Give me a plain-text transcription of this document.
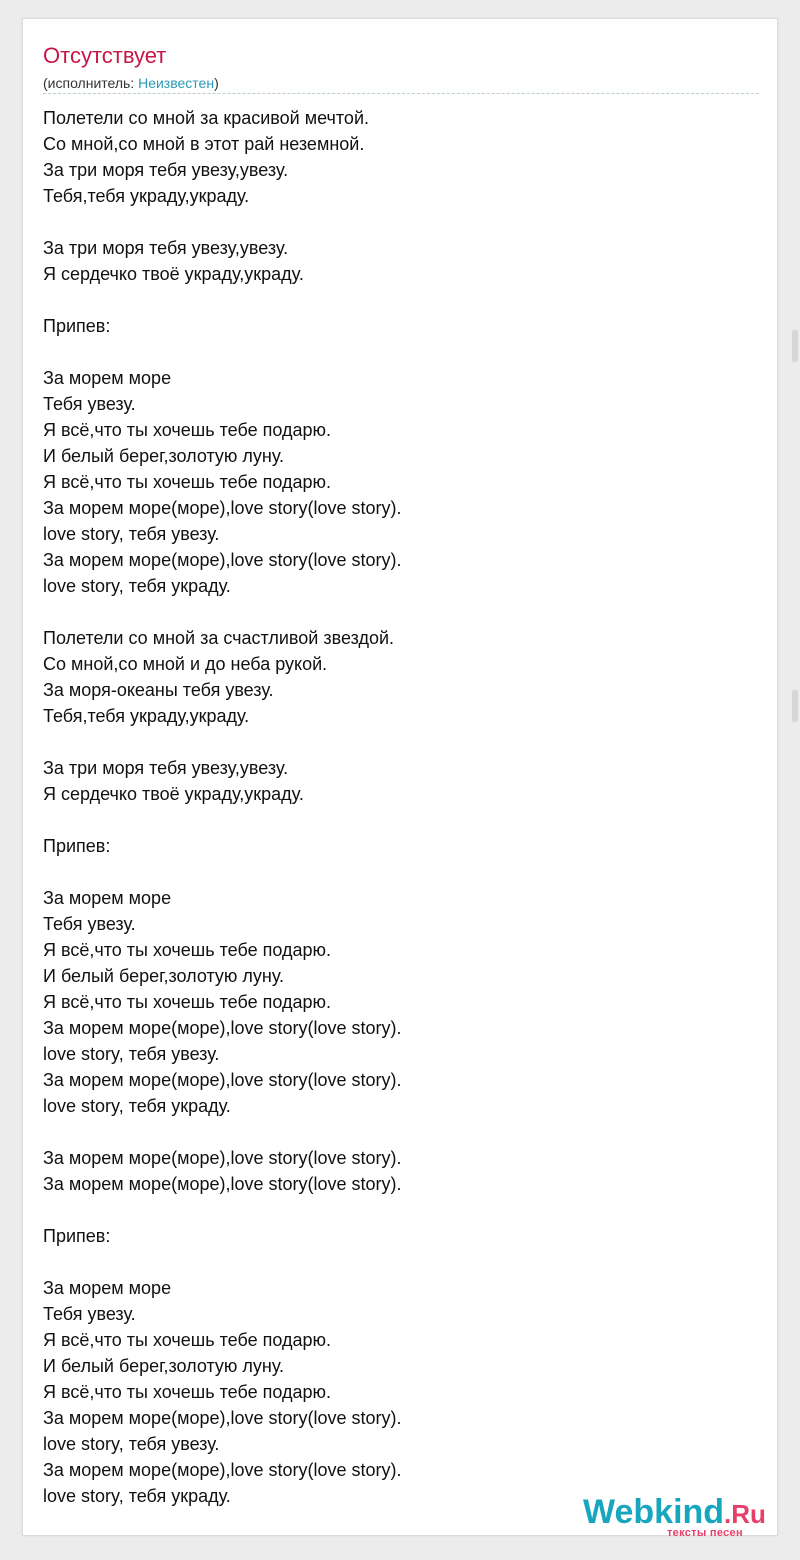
Отсутствует
(исполнитель: Неизвестен)
Полетели со мной за красивой мечтой.
Со мной,со мной в этот рай неземной.
За три моря тебя увезу,увезу.
Тебя,тебя украду,украду.

За три моря тебя увезу,увезу.
Я сердечко твоё украду,украду.

Припев:

За морем море
Тебя увезу.
Я всё,что ты хочешь тебе подарю.
И белый берег,золотую луну.
Я всё,что ты хочешь тебе подарю.
За морем море(море),love story(love story).
love story, тебя увезу.
За морем море(море),love story(love story).
love story, тебя украду.

Полетели со мной за счастливой звездой.
Со мной,со мной и до неба рукой.
За моря-океаны тебя увезу.
Тебя,тебя украду,украду.

За три моря тебя увезу,увезу.
Я сердечко твоё украду,украду.

Припев:

За морем море
Тебя увезу.
Я всё,что ты хочешь тебе подарю.
И белый берег,золотую луну.
Я всё,что ты хочешь тебе подарю.
За морем море(море),love story(love story).
love story, тебя увезу.
За морем море(море),love story(love story).
love story, тебя украду.

За морем море(море),love story(love story).
За морем море(море),love story(love story).

Припев:

За морем море
Тебя увезу.
Я всё,что ты хочешь тебе подарю.
И белый берег,золотую луну.
Я всё,что ты хочешь тебе подарю.
За морем море(море),love story(love story).
love story, тебя увезу.
За морем море(море),love story(love story).
love story, тебя украду.	Webkind.Ru
тексты песен
